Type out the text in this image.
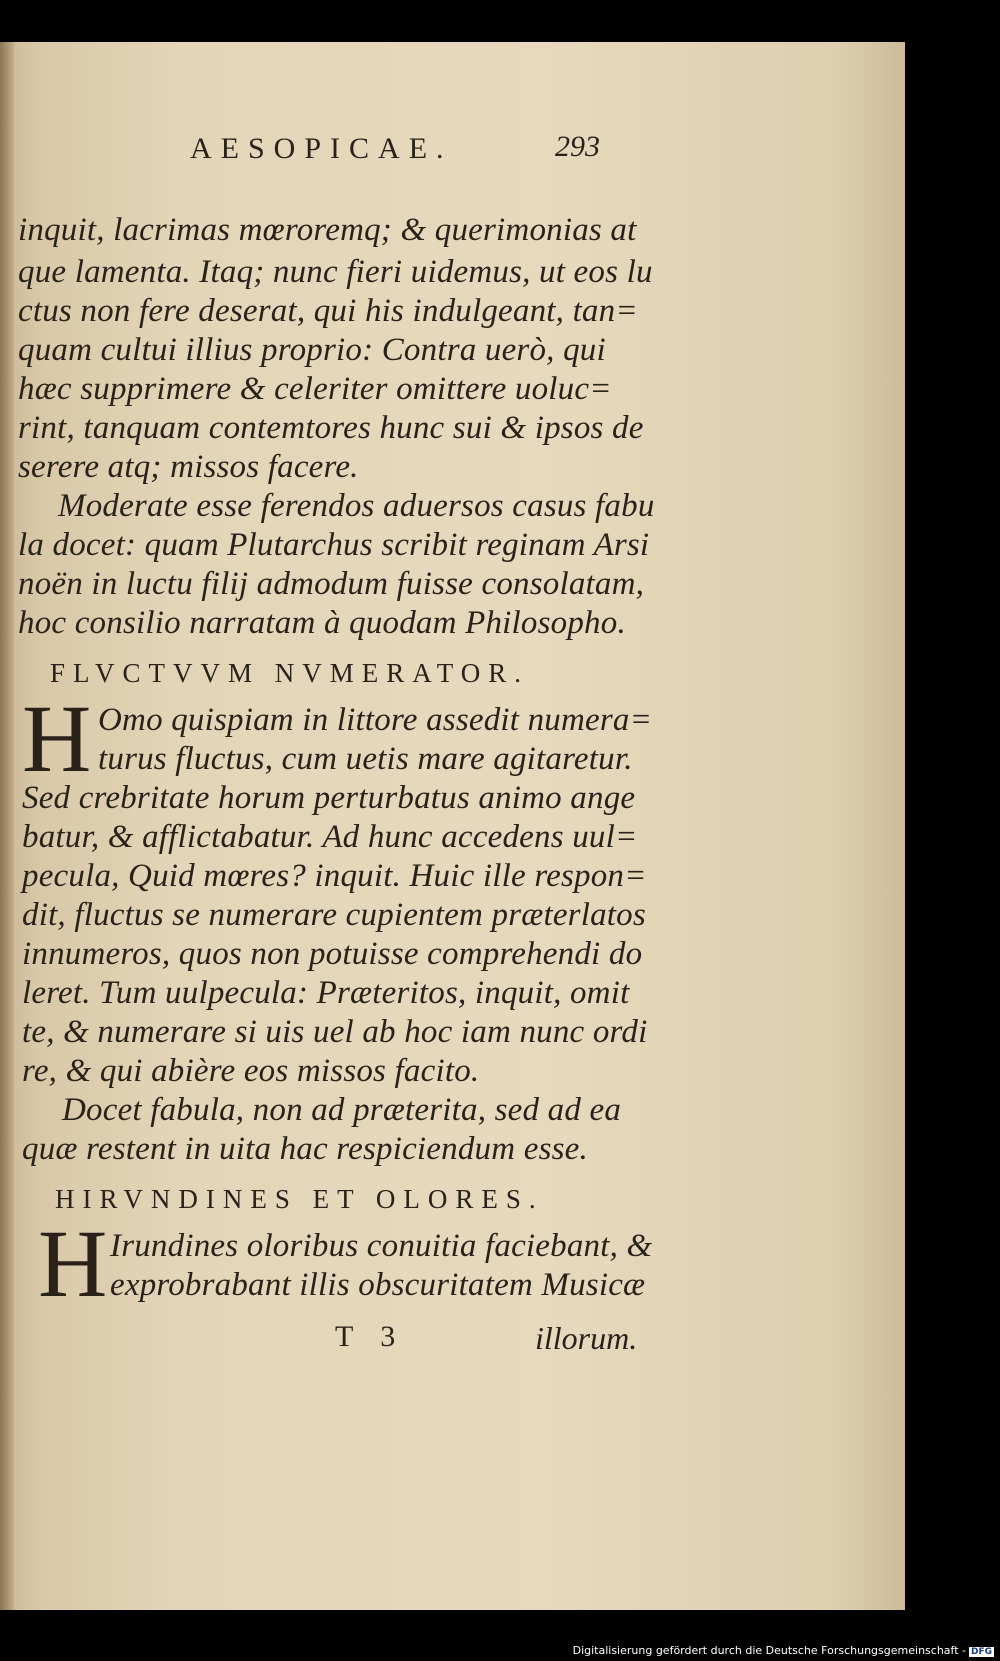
AESOPICAE.	293
inquit, lacrimas mœroremq; & querimonias at
que lamenta. Itaq; nunc fieri uidemus, ut eos lu
ctus non fere deserat, qui his indulgeant, tan=
quam cultui illius proprio: Contra uerò, qui
hæc supprimere & celeriter omittere uoluc=
rint, tanquam contemtores hunc sui & ipsos de
serere atq; missos facere.
Moderate esse ferendos aduersos casus fabu
la docet: quam Plutarchus scribit reginam Arsi
noën in luctu filij admodum fuisse consolatam,
hoc consilio narratam à quodam Philosopho.
FLVCTVVM NVMERATOR.
H Omo quispiam in littore assedit numera=
turus fluctus, cum uetis mare agitaretur.
Sed crebritate horum perturbatus animo ange
batur, & afflictabatur. Ad hunc accedens uul=
pecula, Quid mœres? inquit. Huic ille respon=
dit, fluctus se numerare cupientem præterlatos
innumeros, quos non potuisse comprehendi do
leret. Tum uulpecula: Præteritos, inquit, omit
te, & numerare si uis uel ab hoc iam nunc ordi
re, & qui abière eos missos facito.
Docet fabula, non ad præterita, sed ad ea
quæ restent in uita hac respiciendum esse.
HIRVNDINES ET OLORES.
H Irundines oloribus conuitia faciebant, &
exprobrabant illis obscuritatem Musicæ
T 3	illorum.
Digitalisierung gefördert durch die Deutsche Forschungsgemeinschaft - DFG
